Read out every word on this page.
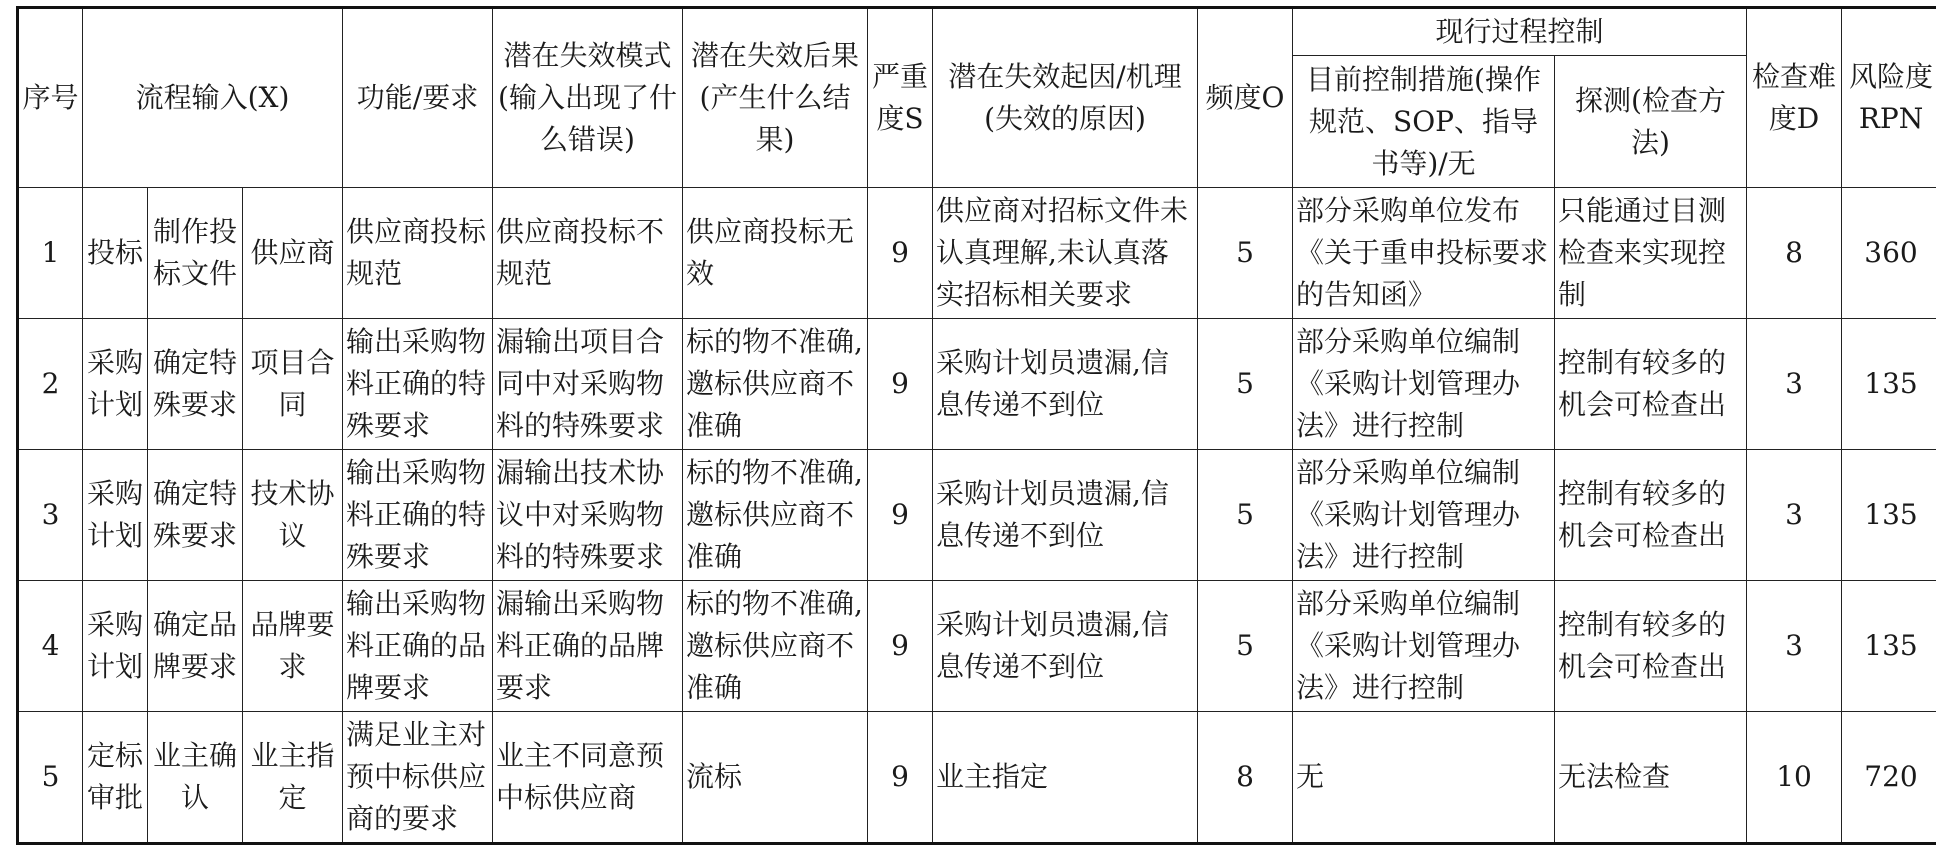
序号	流程输入(X)			功能/要求	潜在失效模式(输入出现了什么错误)	潜在失效后果(产生什么结果)	严重度S	潜在失效起因/机理(失效的原因)	频度O	现行过程控制		检查难度D	风险度RPN
										目前控制措施(操作规范、SOP、指导书等)/无	探测(检查方法)		
1	投标	制作投标文件	供应商	供应商投标规范	供应商投标不规范	供应商投标无效	9	供应商对招标文件未认真理解,未认真落实招标相关要求	5	部分采购单位发布《关于重申投标要求的告知函》	只能通过目测检查来实现控制	8	360
2	采购计划	确定特殊要求	项目合同	输出采购物料正确的特殊要求	漏输出项目合同中对采购物料的特殊要求	标的物不准确,邀标供应商不准确	9	采购计划员遗漏,信息传递不到位	5	部分采购单位编制《采购计划管理办法》进行控制	控制有较多的机会可检查出	3	135
3	采购计划	确定特殊要求	技术协议	输出采购物料正确的特殊要求	漏输出技术协议中对采购物料的特殊要求	标的物不准确,邀标供应商不准确	9	采购计划员遗漏,信息传递不到位	5	部分采购单位编制《采购计划管理办法》进行控制	控制有较多的机会可检查出	3	135
4	采购计划	确定品牌要求	品牌要求	输出采购物料正确的品牌要求	漏输出采购物料正确的品牌要求	标的物不准确,邀标供应商不准确	9	采购计划员遗漏,信息传递不到位	5	部分采购单位编制《采购计划管理办法》进行控制	控制有较多的机会可检查出	3	135
5	定标审批	业主确认	业主指定	满足业主对预中标供应商的要求	业主不同意预中标供应商	流标	9	业主指定	8	无	无法检查	10	720
